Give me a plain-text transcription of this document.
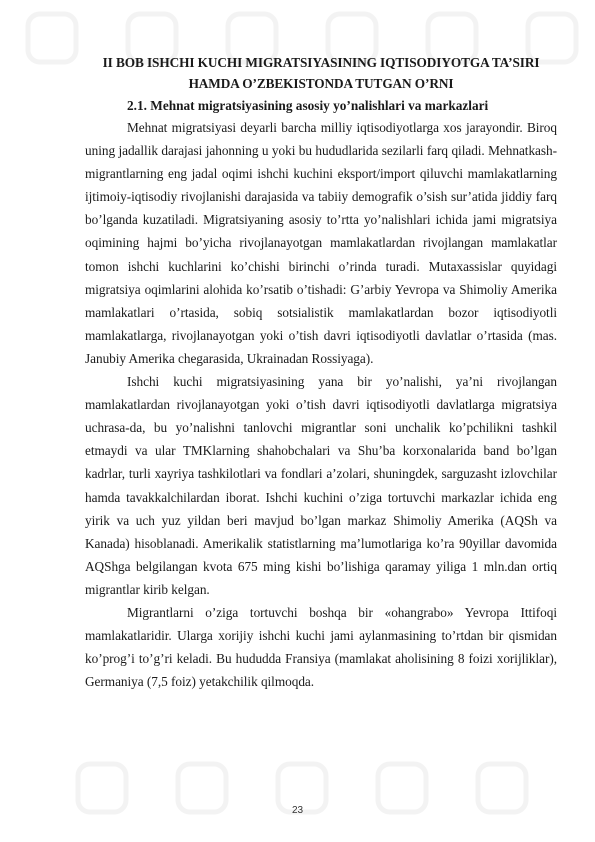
II BOB ISHCHI KUCHI MIGRATSIYASINING IQTISODIYOTGA TA’SIRI

HAMDA O’ZBEKISTONDA TUTGAN O’RNI

2.1. Mehnat migratsiyasining asosiy yo’nalishlari va markazlari

Mehnat migratsiyasi deyarli barcha milliy iqtisodiyotlarga xos jarayondir. Biroq uning jadallik darajasi jahonning u yoki bu hududlarida sezilarli farq qiladi. Mehnatkash-migrantlarning eng jadal oqimi ishchi kuchini eksport/import qiluvchi mamlakatlarning ijtimoiy-iqtisodiy rivojlanishi darajasida va tabiiy demografik o’sish sur’atida jiddiy farq bo’lganda kuzatiladi. Migratsiyaning asosiy to’rtta yo’nalishlari ichida jami migratsiya oqimining hajmi bo’yicha rivojlanayotgan mamlakatlardan rivojlangan mamlakatlar tomon ishchi kuchlarini ko’chishi birinchi o’rinda turadi. Mutaxassislar quyidagi migratsiya oqimlarini alohida ko’rsatib o’tishadi: G’arbiy Yevropa va Shimoliy Amerika mamlakatlari o’rtasida, sobiq sotsialistik mamlakatlardan bozor iqtisodiyotli mamlakatlarga, rivojlanayotgan yoki o’tish davri iqtisodiyotli davlatlar o’rtasida (mas. Janubiy Amerika chegarasida, Ukrainadan Rossiyaga).

Ishchi kuchi migratsiyasining yana bir yo’nalishi, ya’ni rivojlangan mamlakatlardan rivojlanayotgan yoki o’tish davri iqtisodiyotli davlatlarga migratsiya uchrasa-da, bu yo’nalishni tanlovchi migrantlar soni unchalik ko’pchilikni tashkil etmaydi va ular TMKlarning shahobchalari va Shu’ba korxonalarida band bo’lgan kadrlar, turli xayriya tashkilotlari va fondlari a’zolari, shuningdek, sarguzasht izlovchilar hamda tavakkalchilardan iborat. Ishchi kuchini o’ziga tortuvchi markazlar ichida eng yirik va uch yuz yildan beri mavjud bo’lgan markaz Shimoliy Amerika (AQSh va Kanada) hisoblanadi. Amerikalik statistlarning ma’lumotlariga ko’ra 90yillar davomida AQShga belgilangan kvota 675 ming kishi bo’lishiga qaramay yiliga 1 mln.dan ortiq migrantlar kirib kelgan.

Migrantlarni o’ziga tortuvchi boshqa bir «ohangrabo» Yevropa Ittifoqi mamlakatlaridir. Ularga xorijiy ishchi kuchi jami aylanmasining to’rtdan bir qismidan ko’prog’i to’g’ri keladi. Bu hududda Fransiya (mamlakat aholisining 8 foizi xorijliklar), Germaniya (7,5 foiz) yetakchilik qilmoqda.

23
